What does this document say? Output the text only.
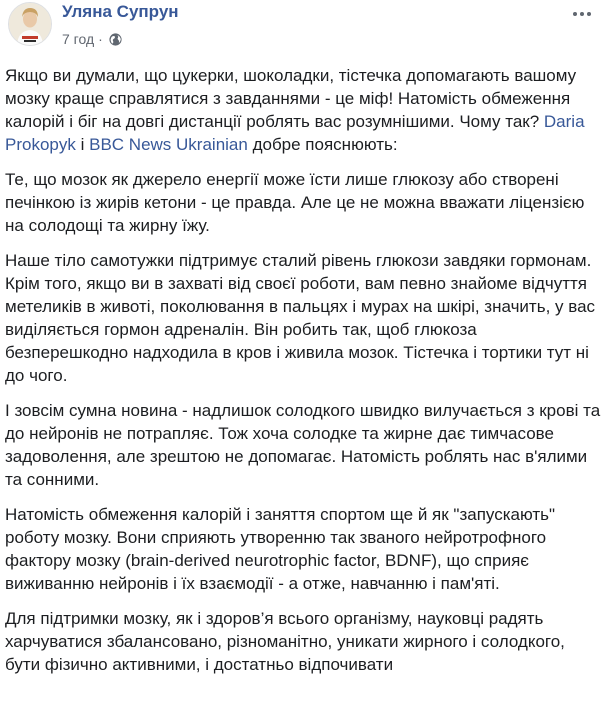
Уляна Супрун
7 год ·

Якщо ви думали, що цукерки, шоколадки, тістечка допомагають вашому мозку краще справлятися з завданнями - це міф! Натомість обмеження калорій і біг на довгі дистанції роблять вас розумнішими. Чому так? Daria Prokopyk і BBC News Ukrainian добре пояснюють:

Те, що мозок як джерело енергії може їсти лише глюкозу або створені печінкою із жирів кетони - це правда. Але це не можна вважати ліцензією на солодощі та жирну їжу.

Наше тіло самотужки підтримує сталий рівень глюкози завдяки гормонам.

Крім того, якщо ви в захваті від своєї роботи, вам певно знайоме відчуття метеликів в животі, поколювання в пальцях і мурах на шкірі, значить, у вас виділяється гормон адреналін. Він робить так, щоб глюкоза безперешкодно надходила в кров і живила мозок. Тістечка і тортики тут ні до чого.

І зовсім сумна новина - надлишок солодкого швидко вилучається з крові та до нейронів не потрапляє. Тож хоча солодке та жирне дає тимчасове задоволення, але зрештою не допомагає. Натомість роблять нас в'ялими та сонними.

Натомість обмеження калорій і заняття спортом ще й як "запускають" роботу мозку. Вони сприяють утворенню так званого нейротрофного фактору мозку (brain-derived neurotrophic factor, BDNF), що сприяє виживанню нейронів і їх взаємодії - а отже, навчанню і пам'яті.

Для підтримки мозку, як і здоров’я всього організму, науковці радять харчуватися збалансовано, різноманітно, уникати жирного і солодкого, бути фізично активними, і достатньо відпочивати
